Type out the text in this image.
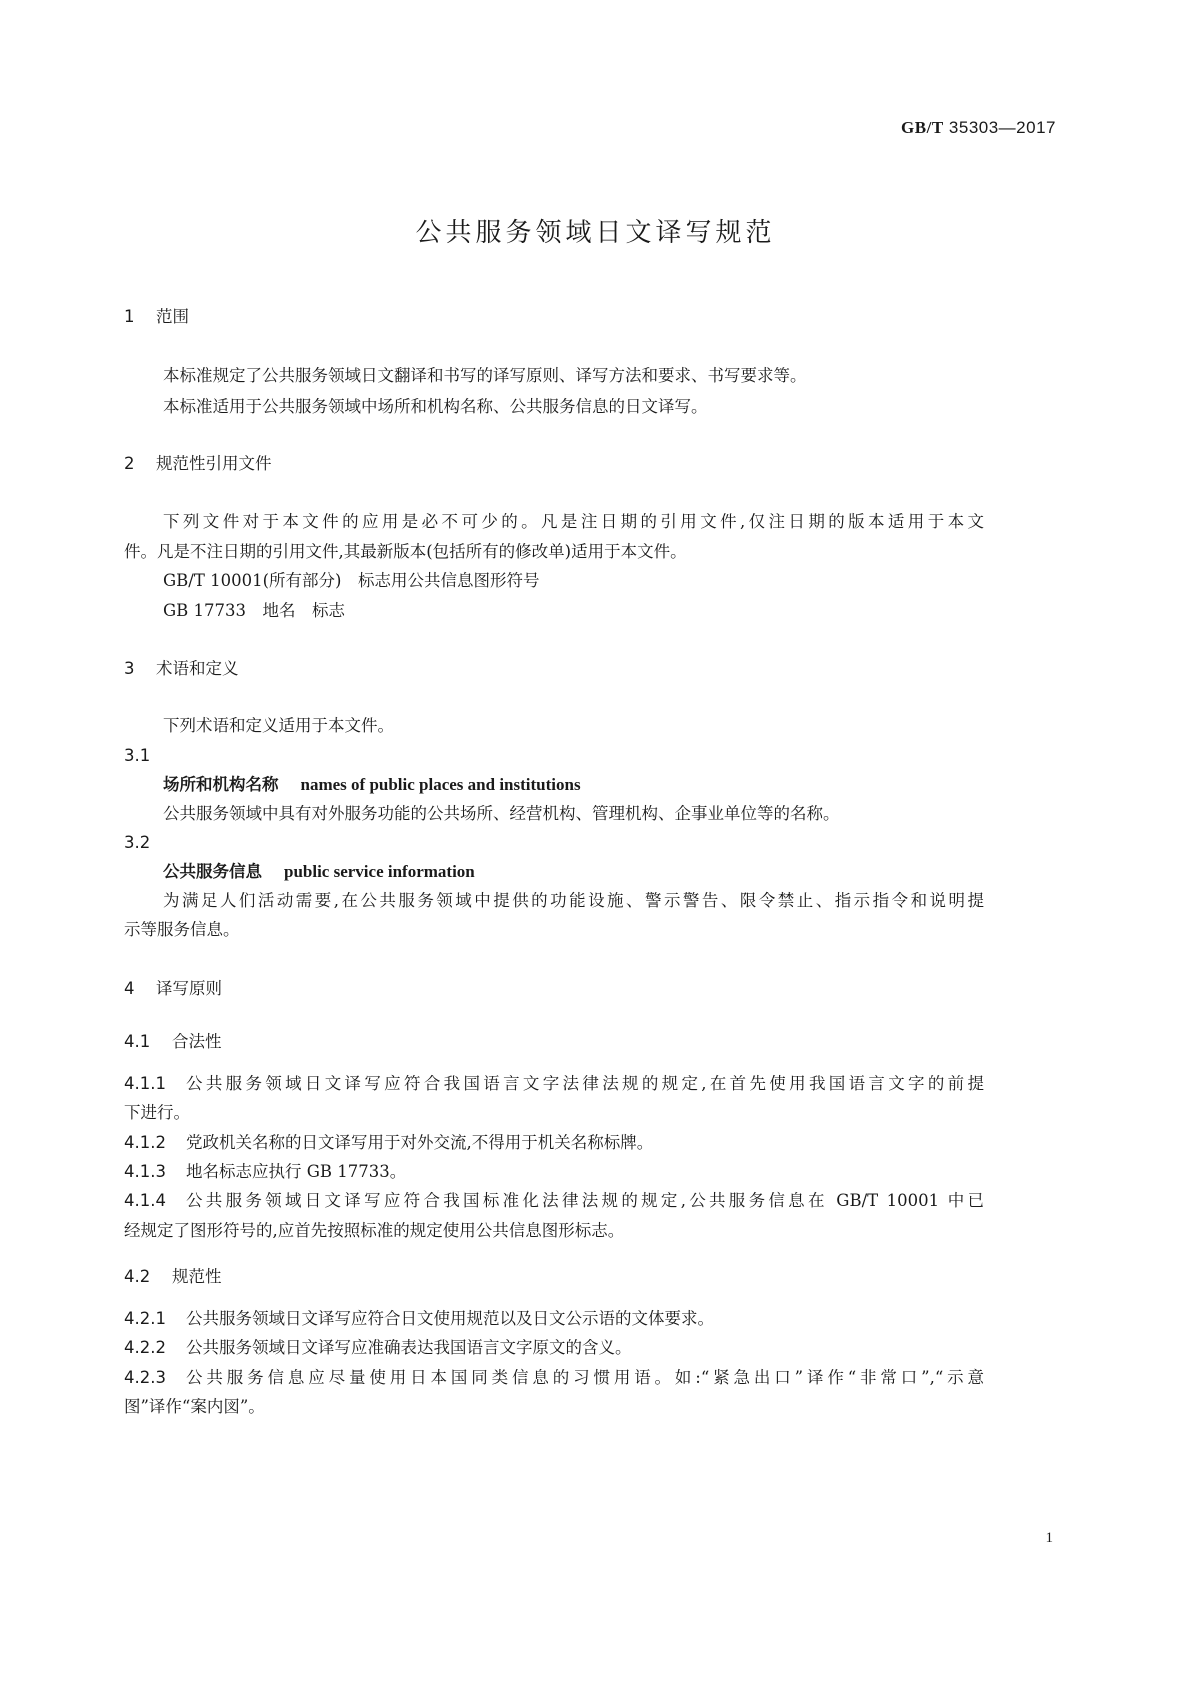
GB/T 35303—2017
公共服务领域日文译写规范
1 范围
本标准规定了公共服务领域日文翻译和书写的译写原则、译写方法和要求、书写要求等。
本标准适用于公共服务领域中场所和机构名称、公共服务信息的日文译写。
2 规范性引用文件
下列文件对于本文件的应用是必不可少的。凡是注日期的引用文件,仅注日期的版本适用于本文
件。凡是不注日期的引用文件,其最新版本(包括所有的修改单)适用于本文件。
GB/T 10001(所有部分)　标志用公共信息图形符号
GB 17733　地名　标志
3 术语和定义
下列术语和定义适用于本文件。
3.1
场所和机构名称 names of public places and institutions
公共服务领域中具有对外服务功能的公共场所、经营机构、管理机构、企事业单位等的名称。
3.2
公共服务信息 public service information
为满足人们活动需要,在公共服务领域中提供的功能设施、警示警告、限令禁止、指示指令和说明提
示等服务信息。
4 译写原则
4.1 合法性
4.1.1 公共服务领域日文译写应符合我国语言文字法律法规的规定,在首先使用我国语言文字的前提
下进行。
4.1.2 党政机关名称的日文译写用于对外交流,不得用于机关名称标牌。
4.1.3 地名标志应执行 GB 17733。
4.1.4 公共服务领域日文译写应符合我国标准化法律法规的规定,公共服务信息在 GB/T 10001 中已
经规定了图形符号的,应首先按照标准的规定使用公共信息图形标志。
4.2 规范性
4.2.1 公共服务领域日文译写应符合日文使用规范以及日文公示语的文体要求。
4.2.2 公共服务领域日文译写应准确表达我国语言文字原文的含义。
4.2.3 公共服务信息应尽量使用日本国同类信息的习惯用语。如:“紧急出口”译作“非常口”,“示意
图”译作“案内図”。
1
